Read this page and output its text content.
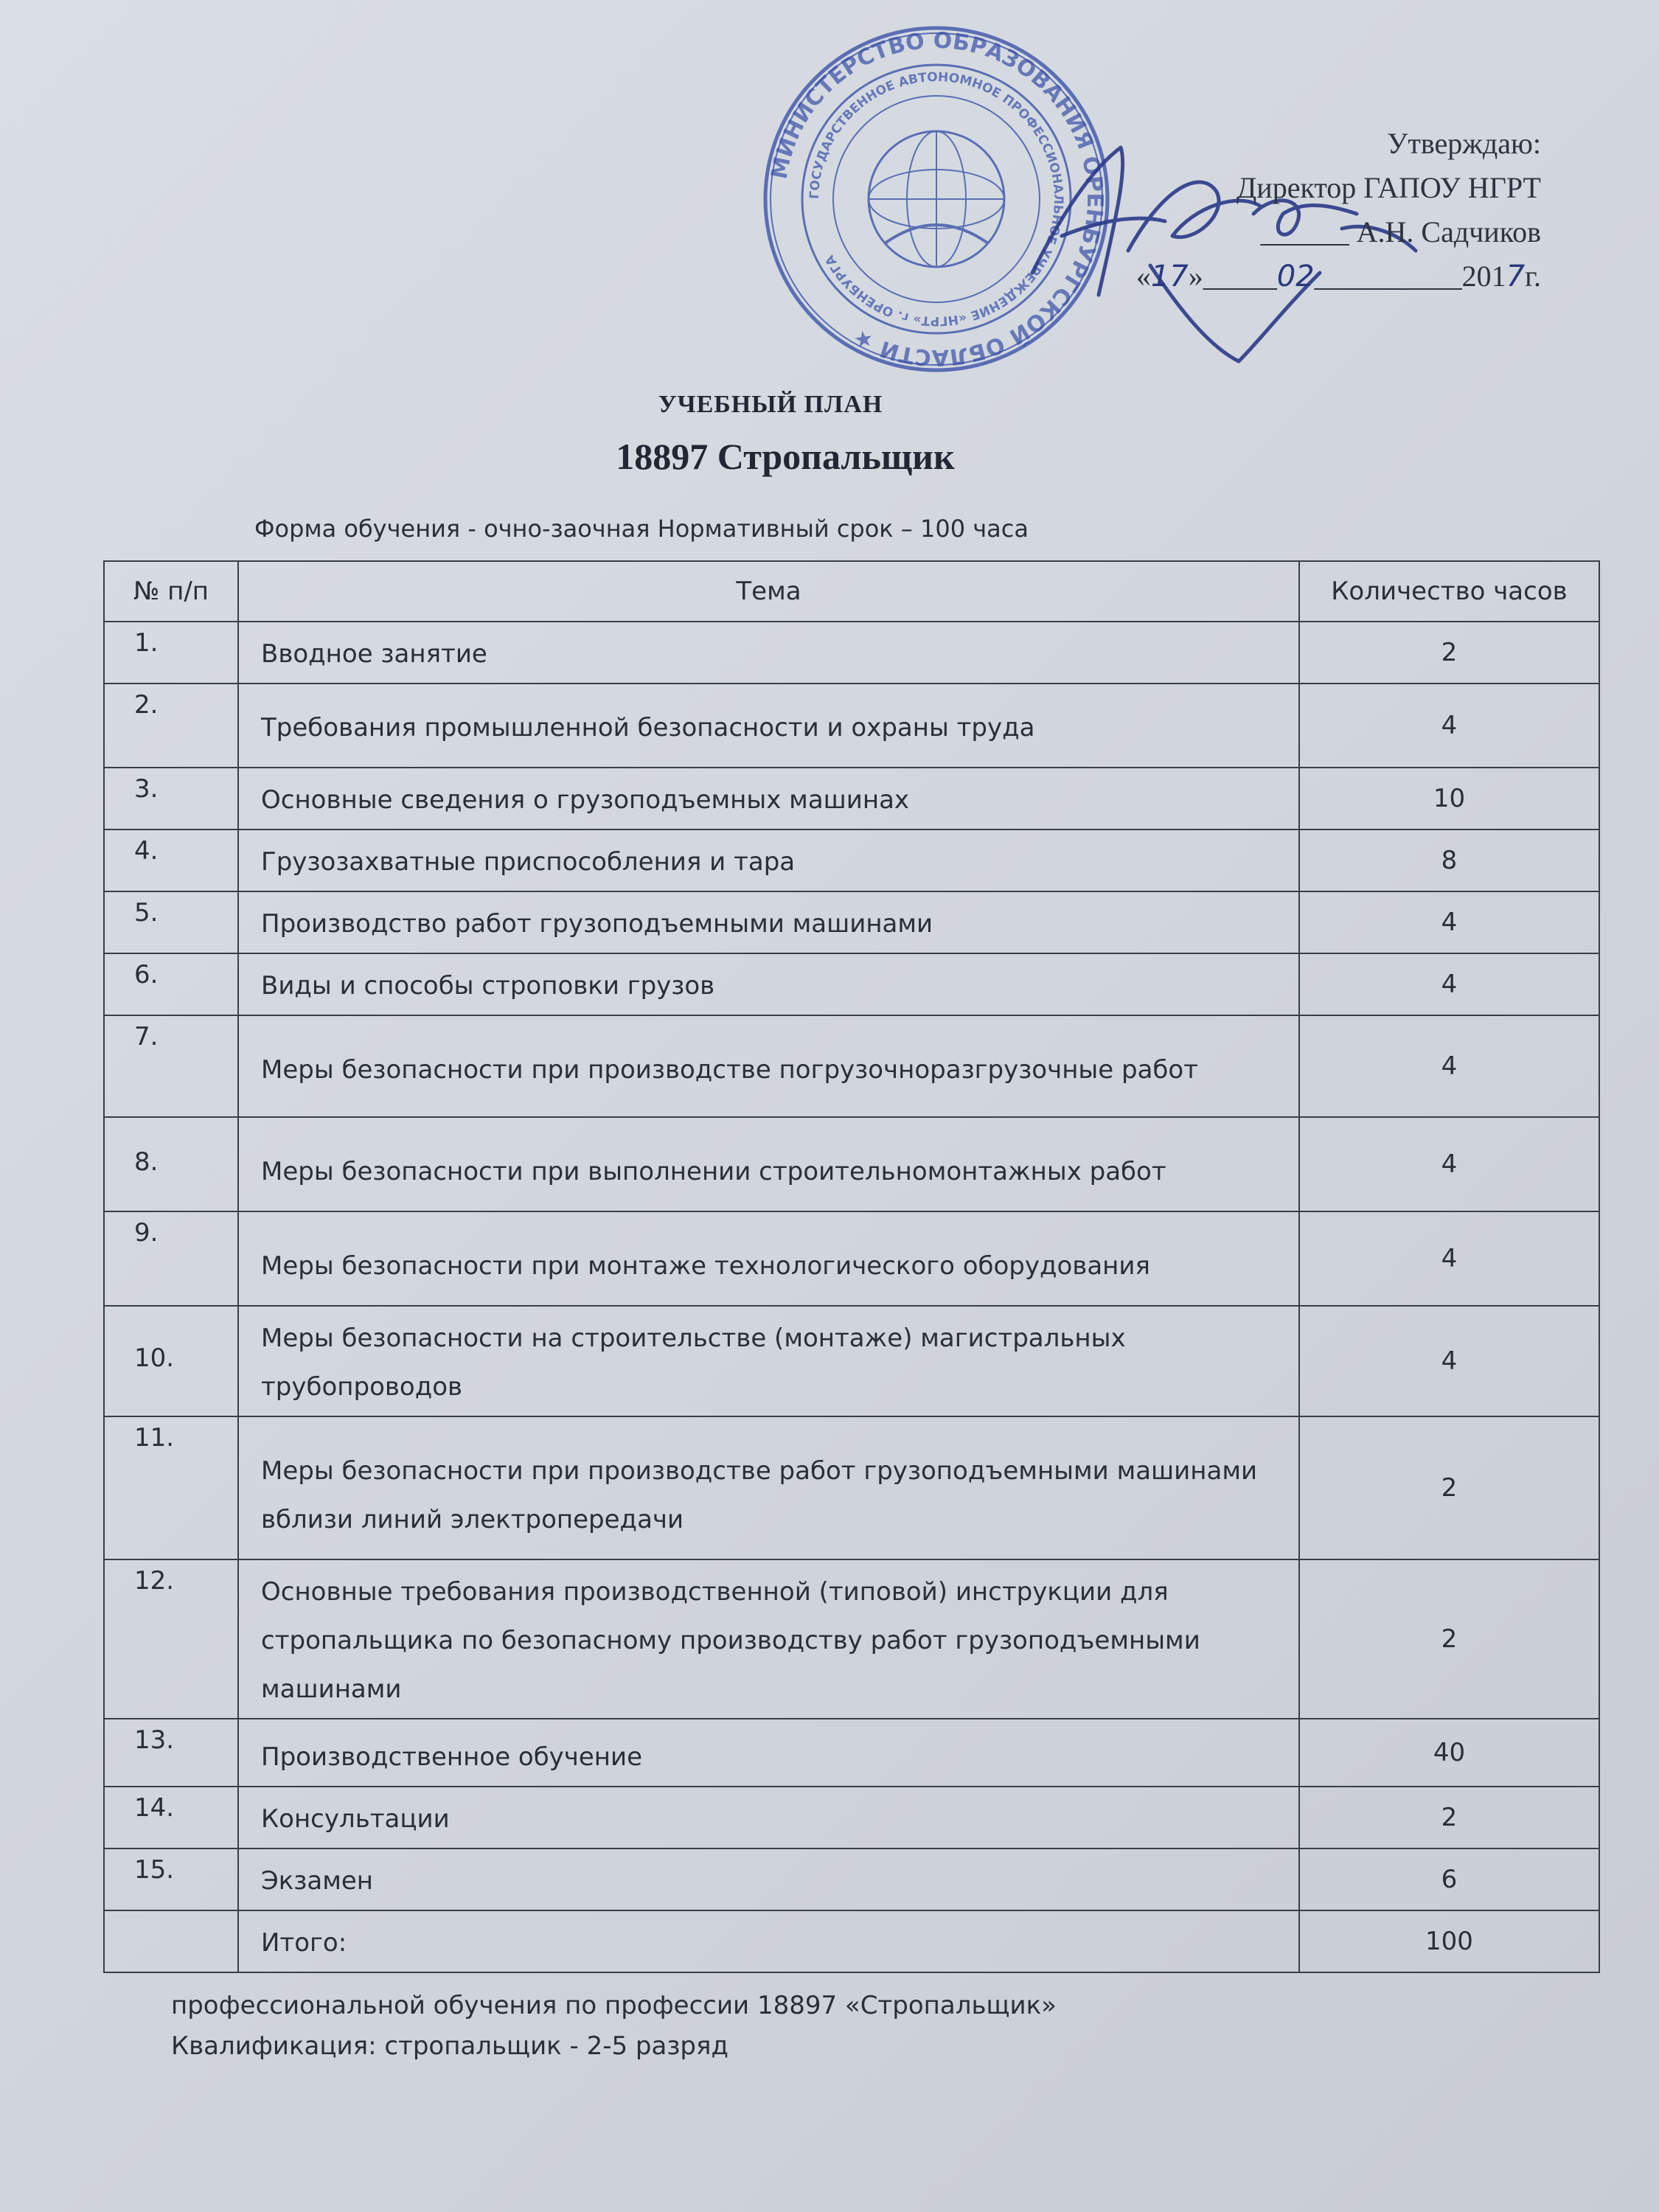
МИНИСТЕРСТВО ОБРАЗОВАНИЯ ОРЕНБУРГСКОЙ ОБЛАСТИ ★
ГОСУДАРСТВЕННОЕ АВТОНОМНОЕ ПРОФЕССИОНАЛЬНОЕ УЧРЕЖДЕНИЕ «НГРТ» г. ОРЕНБУРГА
Утверждаю:
Директор ГАПОУ НГРТ
______ А.Н. Садчиков
«17»_____02__________2017г.
УЧЕБНЫЙ ПЛАН
18897 Стропальщик
Форма обучения - очно-заочная Нормативный срок – 100 часа
№ п/п	Тема	Количество часов
1.	Вводное занятие	2
2.	Требования промышленной безопасности и охраны труда	4
3.	Основные сведения о грузоподъемных машинах	10
4.	Грузозахватные приспособления и тара	8
5.	Производство работ грузоподъемными машинами	4
6.	Виды и способы строповки грузов	4
7.	Меры безопасности при производстве погрузочноразгрузочные работ	4
8.	Меры безопасности при выполнении строительномонтажных работ	4
9.	Меры безопасности при монтаже технологического оборудования	4
10.	Меры безопасности на строительстве (монтаже) магистральных трубопроводов	4
11.	Меры безопасности при производстве работ грузоподъемными машинами вблизи линий электропередачи	2
12.	Основные требования производственной (типовой) инструкции для стропальщика по безопасному производству работ грузоподъемными машинами	2
13.	Производственное обучение	40
14.	Консультации	2
15.	Экзамен	6
	Итого:	100
профессиональной обучения по профессии 18897 «Стропальщик»
Квалификация: стропальщик - 2-5 разряд
